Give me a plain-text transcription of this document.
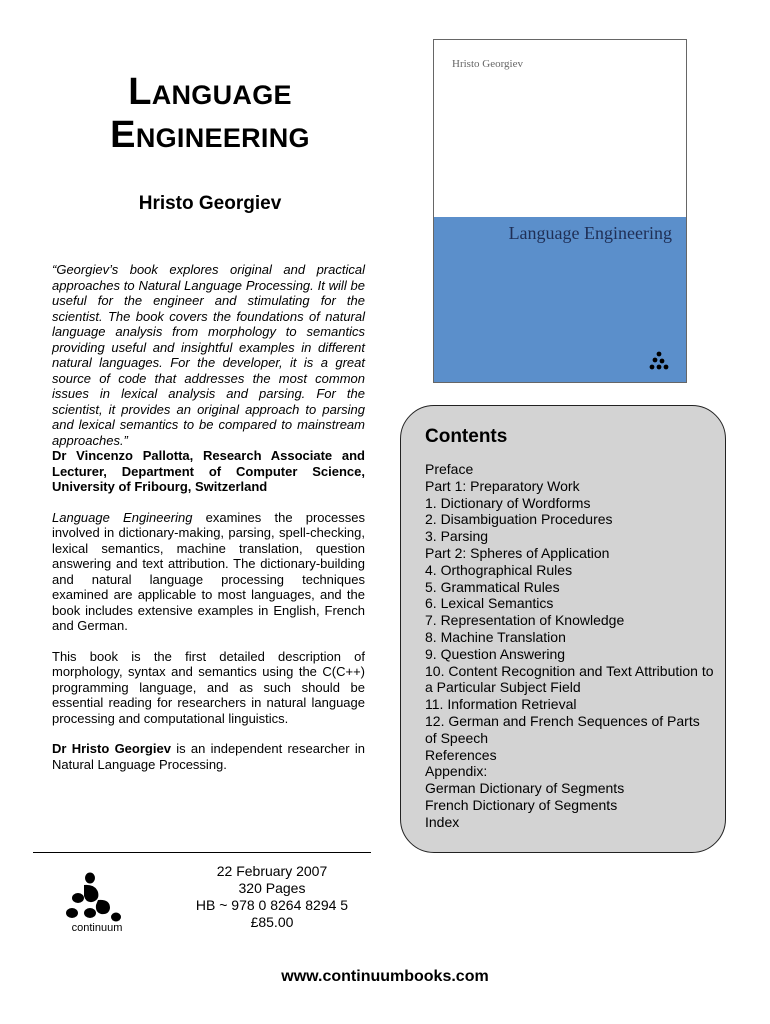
LANGUAGE
ENGINEERING
Hristo Georgiev

“Georgiev’s book explores original and practical approaches to Natural Language Processing. It will be useful for the engineer and stimulating for the scientist. The book covers the foundations of natural language analysis from morphology to semantics providing useful and insightful examples in different natural languages. For the developer, it is a great source of code that addresses the most common issues in lexical analysis and parsing. For the scientist, it provides an original approach to parsing and lexical semantics to be compared to mainstream approaches.”
Dr Vincenzo Pallotta, Research Associate and Lecturer, Department of Computer Science, University of Fribourg, Switzerland

Language Engineering examines the processes involved in dictionary-making, parsing, spell-checking, lexical semantics, machine translation, question answering and text attribution. The dictionary-building and natural language processing techniques examined are applicable to most languages, and the book includes extensive examples in English, French and German.

This book is the first detailed description of morphology, syntax and semantics using the C(C++) programming language, and as such should be essential reading for researchers in natural language processing and computational linguistics.

Dr Hristo Georgiev is an independent researcher in Natural Language Processing.

Hristo Georgiev
Language Engineering
Contents
Preface
Part 1: Preparatory Work
1. Dictionary of Wordforms
2. Disambiguation Procedures
3. Parsing
Part 2: Spheres of Application
4. Orthographical Rules
5. Grammatical Rules
6. Lexical Semantics
7. Representation of Knowledge
8. Machine Translation
9. Question Answering
10. Content Recognition and Text Attribution to a Particular Subject Field
11. Information Retrieval
12. German and French Sequences of Parts of Speech
References
Appendix:
German Dictionary of Segments
French Dictionary of Segments
Index
continuum
22 February 2007
320 Pages
HB ~ 978 0 8264 8294 5
£85.00
www.continuumbooks.com
